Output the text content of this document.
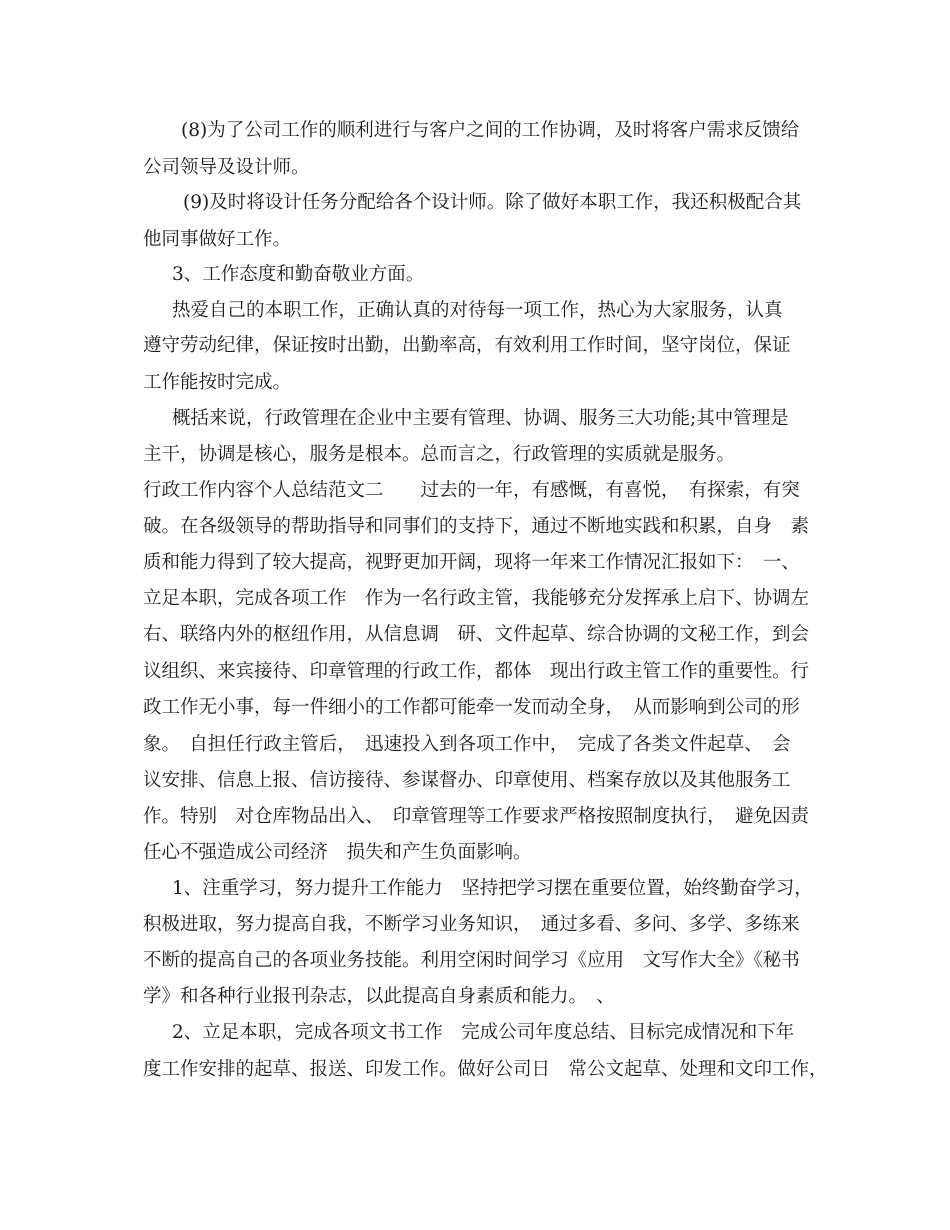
(8)为了公司工作的顺利进行与客户之间的工作协调，及时将客户需求反馈给
公司领导及设计师。
(9)及时将设计任务分配给各个设计师。除了做好本职工作，我还积极配合其
他同事做好工作。
3、工作态度和勤奋敬业方面。
热爱自己的本职工作，正确认真的对待每一项工作，热心为大家服务，认真
遵守劳动纪律，保证按时出勤，出勤率高，有效利用工作时间，坚守岗位，保证
工作能按时完成。
概括来说，行政管理在企业中主要有管理、协调、服务三大功能;其中管理是
主干，协调是核心，服务是根本。总而言之，行政管理的实质就是服务。
行政工作内容个人总结范文二　　过去的一年，有感慨，有喜悦，　有探索，有突
破。在各级领导的帮助指导和同事们的支持下，通过不断地实践和积累，自身　素
质和能力得到了较大提高，视野更加开阔，现将一年来工作情况汇报如下：　一、
立足本职，完成各项工作　作为一名行政主管，我能够充分发挥承上启下、协调左
右、联络内外的枢纽作用，从信息调　研、文件起草、综合协调的文秘工作，到会
议组织、来宾接待、印章管理的行政工作，都体　现出行政主管工作的重要性。行
政工作无小事，每一件细小的工作都可能牵一发而动全身，　从而影响到公司的形
象。　自担任行政主管后，　迅速投入到各项工作中，　完成了各类文件起草、　会
议安排、信息上报、信访接待、参谋督办、印章使用、档案存放以及其他服务工
作。特别　对仓库物品出入、　印章管理等工作要求严格按照制度执行，　避免因责
任心不强造成公司经济　损失和产生负面影响。
1、注重学习，努力提升工作能力　坚持把学习摆在重要位置，始终勤奋学习，
积极进取，努力提高自我，不断学习业务知识，　通过多看、多问、多学、多练来
不断的提高自己的各项业务技能。利用空闲时间学习《应用　文写作大全》《秘书
学》和各种行业报刊杂志，以此提高自身素质和能力。　、
2、立足本职，完成各项文书工作　完成公司年度总结、目标完成情况和下年
度工作安排的起草、报送、印发工作。做好公司日　常公文起草、处理和文印工作，
